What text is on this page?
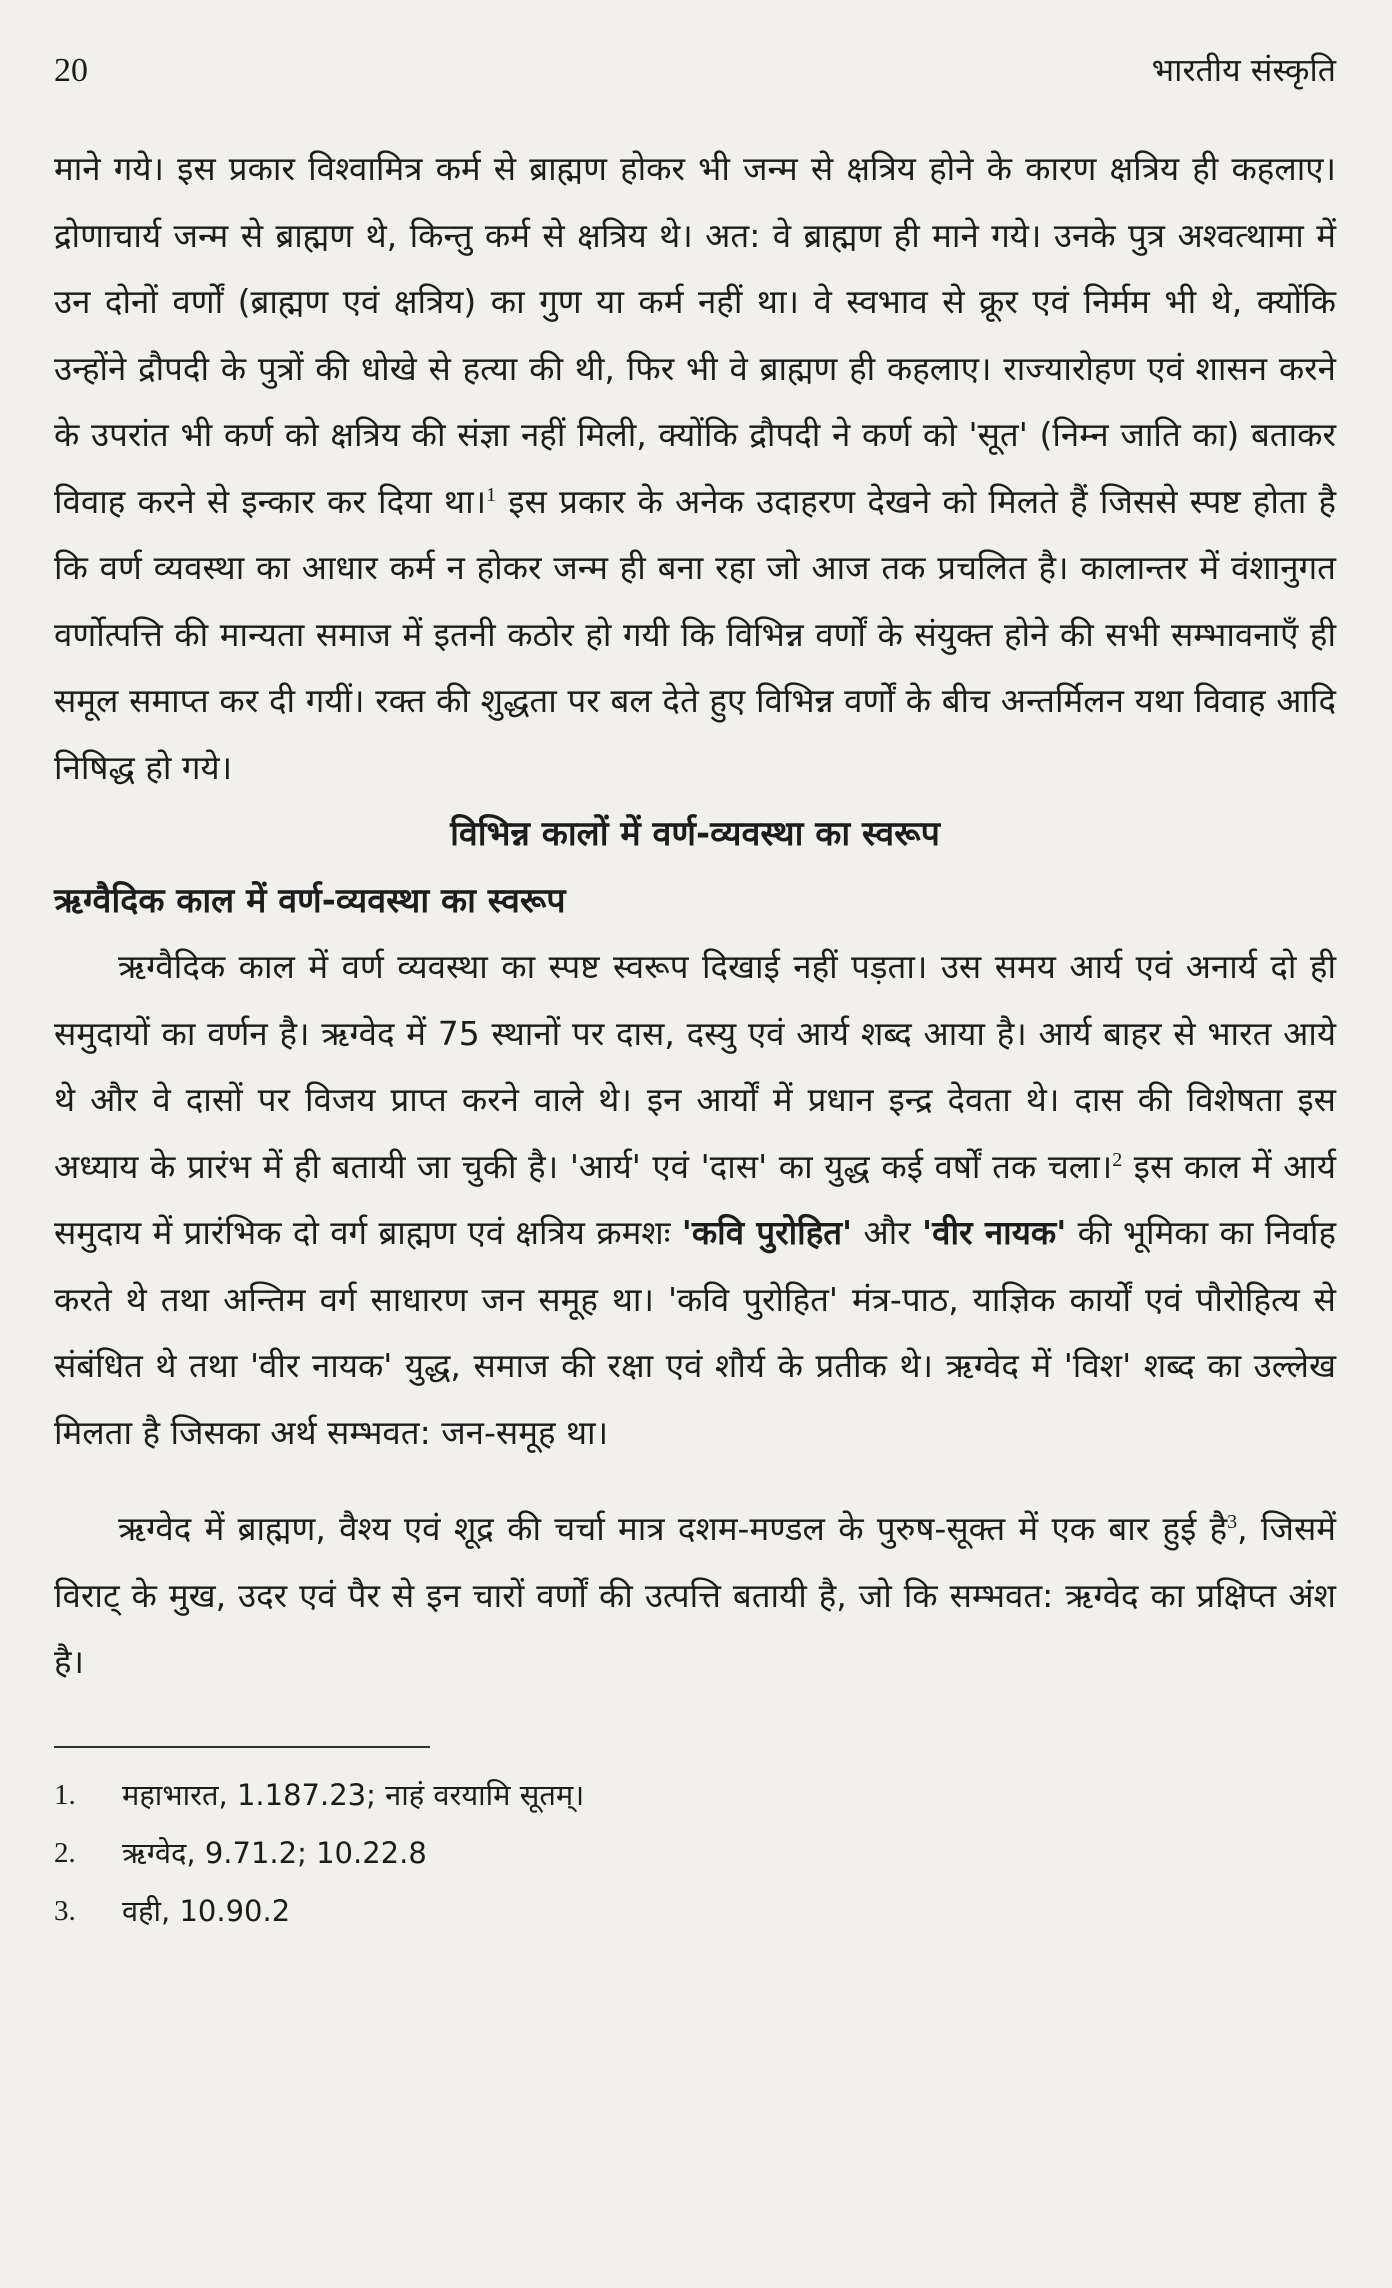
20	भारतीय संस्कृति

माने गये। इस प्रकार विश्वामित्र कर्म से ब्राह्मण होकर भी जन्म से क्षत्रिय होने के कारण क्षत्रिय ही कहलाए। द्रोणाचार्य जन्म से ब्राह्मण थे, किन्तु कर्म से क्षत्रिय थे। अत: वे ब्राह्मण ही माने गये। उनके पुत्र अश्वत्थामा में उन दोनों वर्णों (ब्राह्मण एवं क्षत्रिय) का गुण या कर्म नहीं था। वे स्वभाव से क्रूर एवं निर्मम भी थे, क्योंकि उन्होंने द्रौपदी के पुत्रों की धोखे से हत्या की थी, फिर भी वे ब्राह्मण ही कहलाए। राज्यारोहण एवं शासन करने के उपरांत भी कर्ण को क्षत्रिय की संज्ञा नहीं मिली, क्योंकि द्रौपदी ने कर्ण को 'सूत' (निम्न जाति का) बताकर विवाह करने से इन्कार कर दिया था।$^1$ इस प्रकार के अनेक उदाहरण देखने को मिलते हैं जिससे स्पष्ट होता है कि वर्ण व्यवस्था का आधार कर्म न होकर जन्म ही बना रहा जो आज तक प्रचलित है। कालान्तर में वंशानुगत वर्णोत्पत्ति की मान्यता समाज में इतनी कठोर हो गयी कि विभिन्न वर्णों के संयुक्त होने की सभी सम्भावनाएँ ही समूल समाप्त कर दी गयीं। रक्त की शुद्धता पर बल देते हुए विभिन्न वर्णों के बीच अन्तर्मिलन यथा विवाह आदि निषिद्ध हो गये।

विभिन्न कालों में वर्ण-व्यवस्था का स्वरूप
ऋग्वैदिक काल में वर्ण-व्यवस्था का स्वरूप

ऋग्वैदिक काल में वर्ण व्यवस्था का स्पष्ट स्वरूप दिखाई नहीं पड़ता। उस समय आर्य एवं अनार्य दो ही समुदायों का वर्णन है। ऋग्वेद में 75 स्थानों पर दास, दस्यु एवं आर्य शब्द आया है। आर्य बाहर से भारत आये थे और वे दासों पर विजय प्राप्त करने वाले थे। इन आर्यों में प्रधान इन्द्र देवता थे। दास की विशेषता इस अध्याय के प्रारंभ में ही बतायी जा चुकी है। 'आर्य' एवं 'दास' का युद्ध कई वर्षों तक चला।$^2$ इस काल में आर्य समुदाय में प्रारंभिक दो वर्ग ब्राह्मण एवं क्षत्रिय क्रमशः 'कवि पुरोहित' और 'वीर नायक' की भूमिका का निर्वाह करते थे तथा अन्तिम वर्ग साधारण जन समूह था। 'कवि पुरोहित' मंत्र-पाठ, याज्ञिक कार्यों एवं पौरोहित्य से संबंधित थे तथा 'वीर नायक' युद्ध, समाज की रक्षा एवं शौर्य के प्रतीक थे। ऋग्वेद में 'विश' शब्द का उल्लेख मिलता है जिसका अर्थ सम्भवत: जन-समूह था।

ऋग्वेद में ब्राह्मण, वैश्य एवं शूद्र की चर्चा मात्र दशम-मण्डल के पुरुष-सूक्त में एक बार हुई है$^3$, जिसमें विराट् के मुख, उदर एवं पैर से इन चारों वर्णों की उत्पत्ति बतायी है, जो कि सम्भवत: ऋग्वेद का प्रक्षिप्त अंश है।

1.	महाभारत, 1.187.23; नाहं वरयामि सूतम्।
2.	ऋग्वेद, 9.71.2; 10.22.8
3.	वही, 10.90.2
